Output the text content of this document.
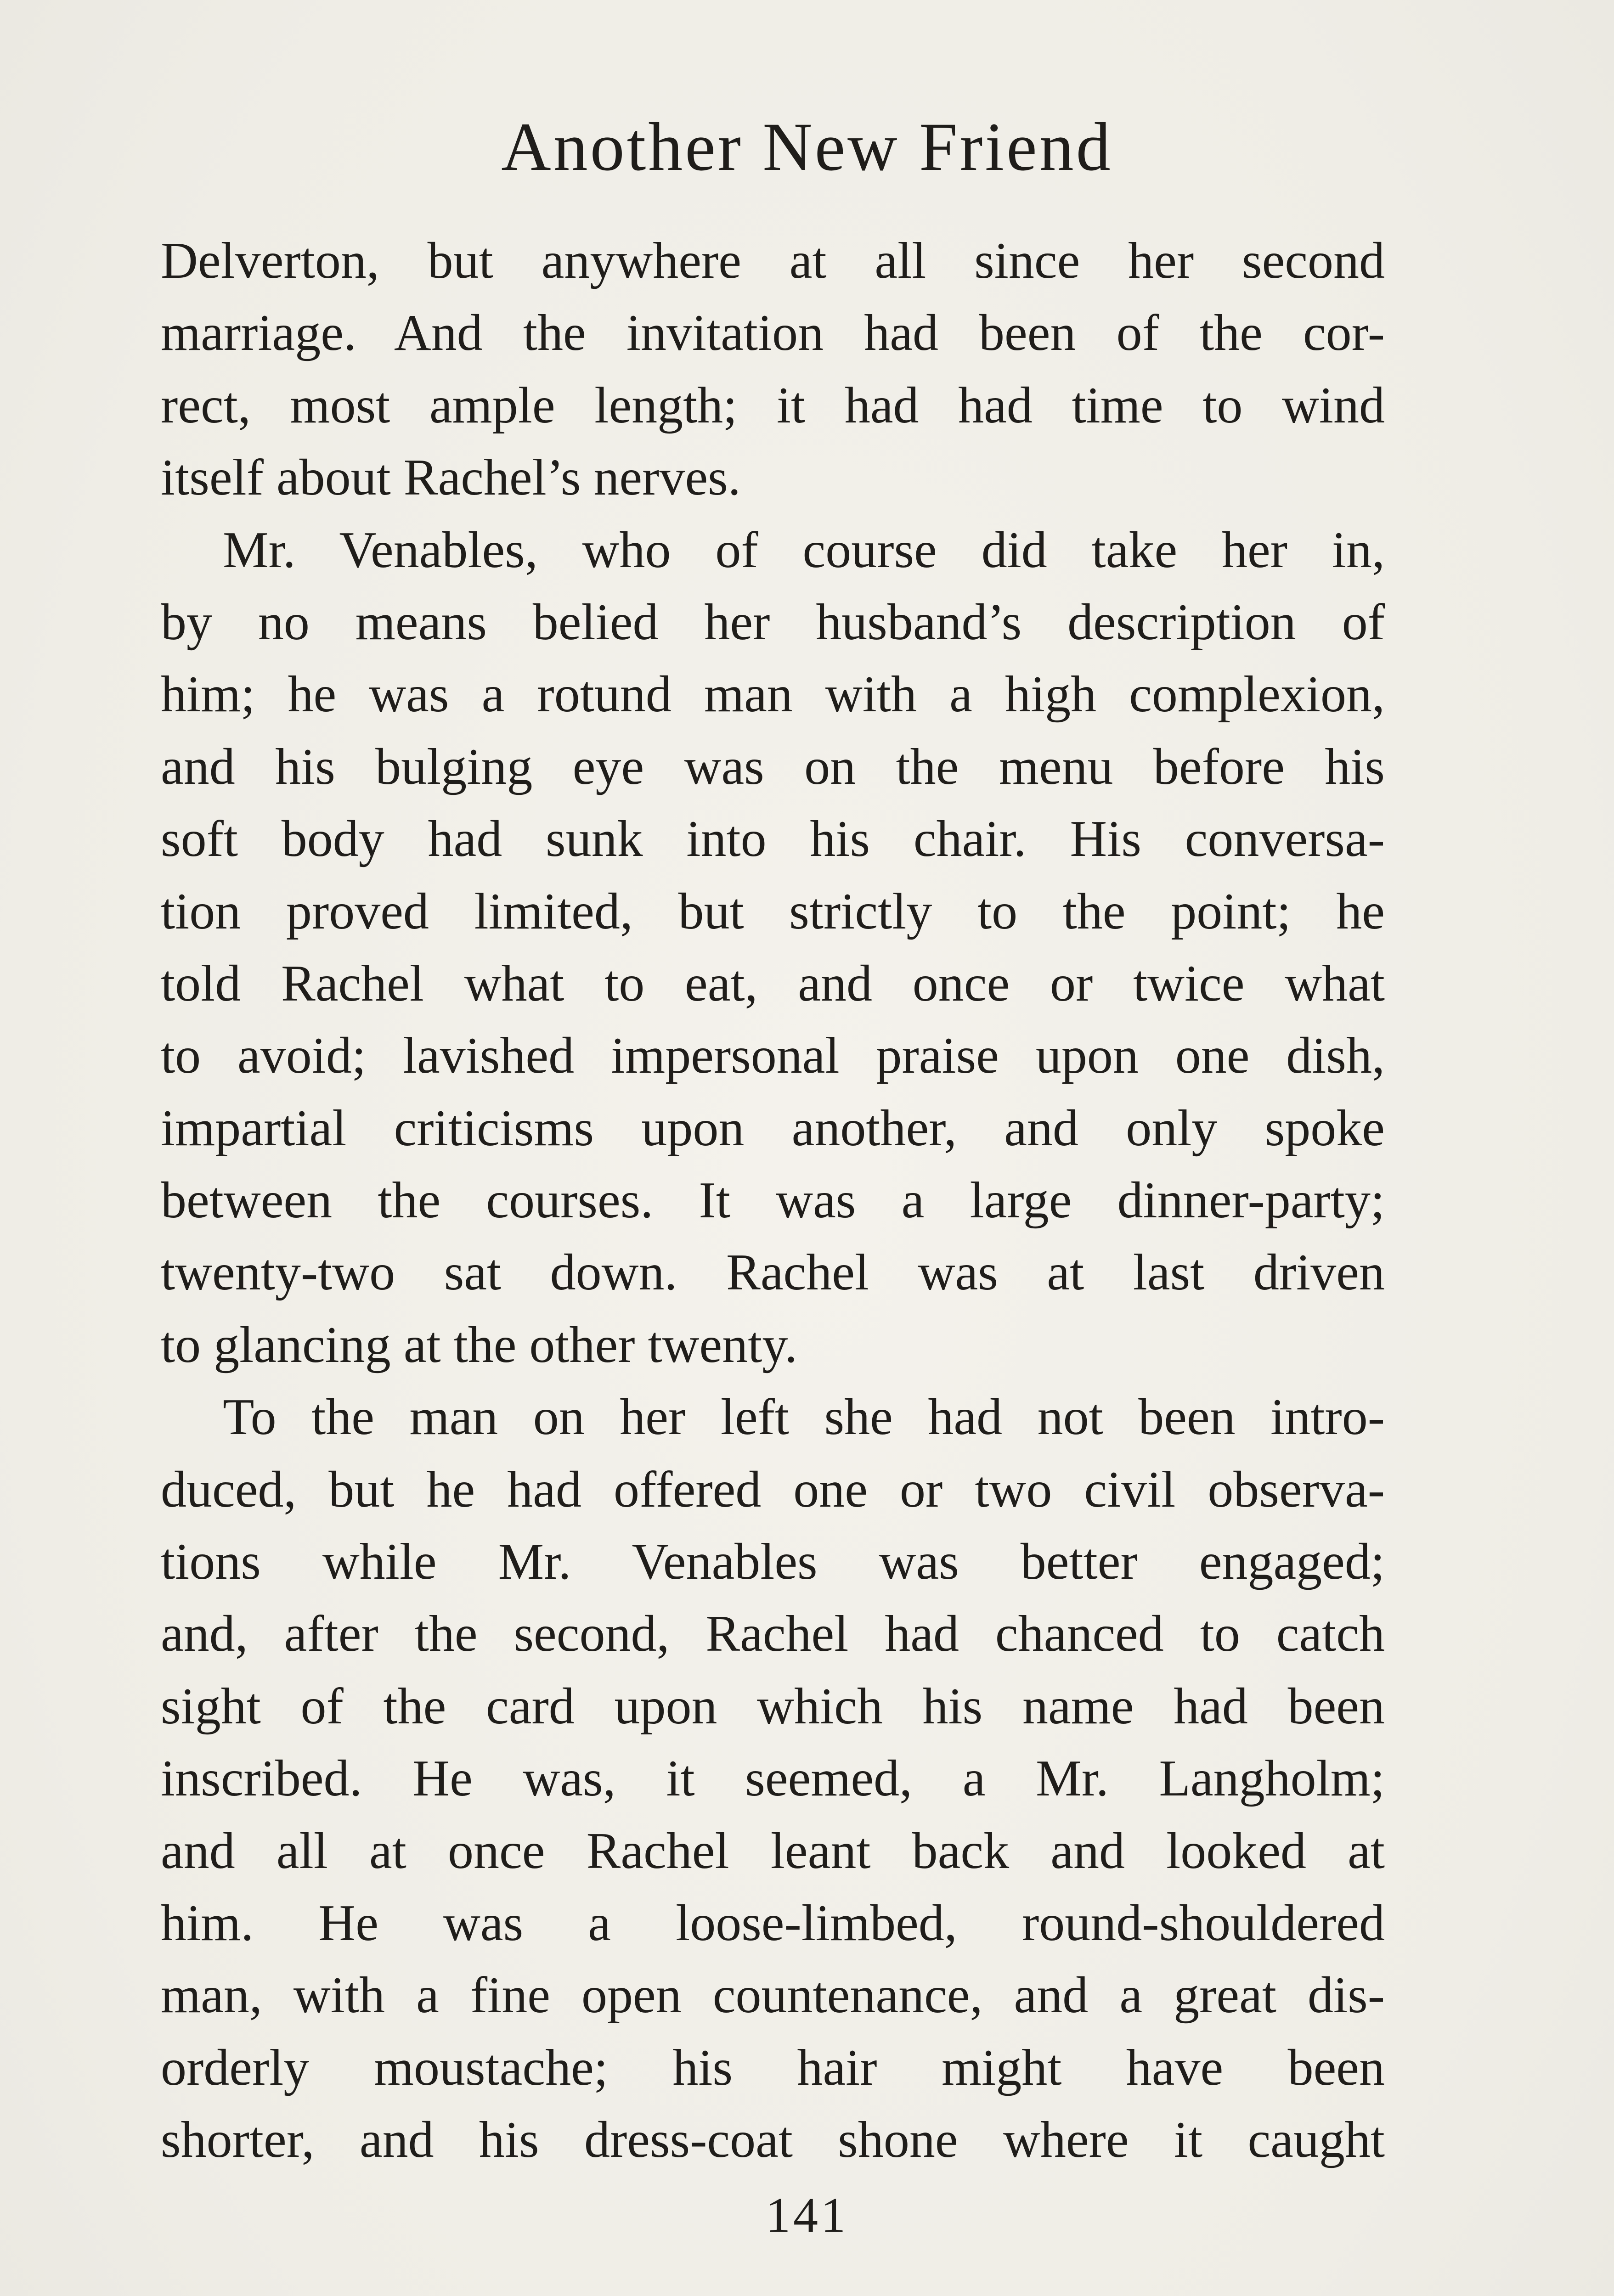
Another New Friend
Delverton, but anywhere at all since her second
marriage. And the invitation had been of the cor-
rect, most ample length; it had had time to wind
itself about Rachel’s nerves.
Mr. Venables, who of course did take her in,
by no means belied her husband’s description of
him; he was a rotund man with a high complexion,
and his bulging eye was on the menu before his
soft body had sunk into his chair. His conversa-
tion proved limited, but strictly to the point; he
told Rachel what to eat, and once or twice what
to avoid; lavished impersonal praise upon one dish,
impartial criticisms upon another, and only spoke
between the courses. It was a large dinner-party;
twenty-two sat down. Rachel was at last driven
to glancing at the other twenty.
To the man on her left she had not been intro-
duced, but he had offered one or two civil observa-
tions while Mr. Venables was better engaged;
and, after the second, Rachel had chanced to catch
sight of the card upon which his name had been
inscribed. He was, it seemed, a Mr. Langholm;
and all at once Rachel leant back and looked at
him. He was a loose-limbed, round-shouldered
man, with a fine open countenance, and a great dis-
orderly moustache; his hair might have been
shorter, and his dress-coat shone where it caught
141
